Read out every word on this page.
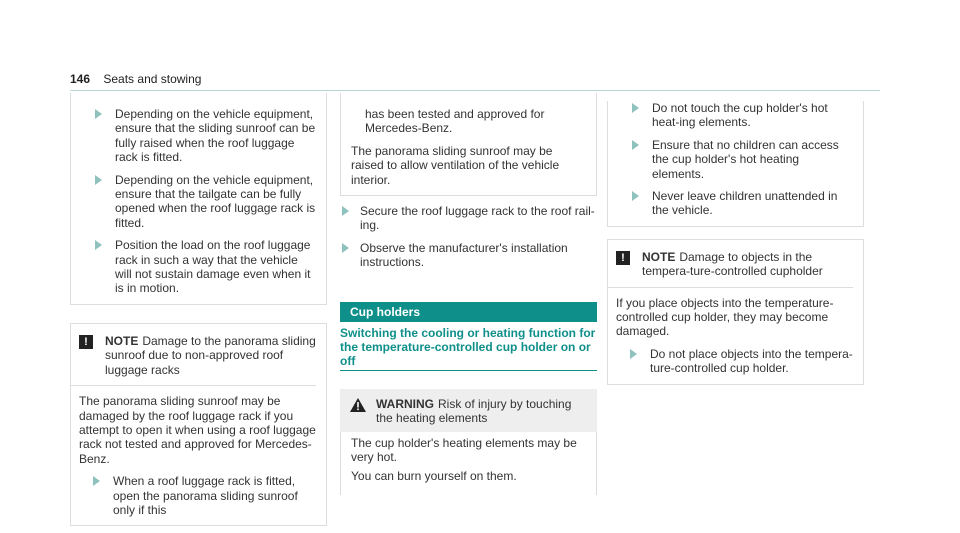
146 Seats and stowing
Depending on the vehicle equipment, ensure that the sliding sunroof can be fully raised when the roof luggage rack is fitted.
Depending on the vehicle equipment, ensure that the tailgate can be fully opened when the roof luggage rack is fitted.
Position the load on the roof luggage rack in such a way that the vehicle will not sustain damage even when it is in motion.
!	NOTE Damage to the panorama sliding sunroof due to non-approved roof luggage racks

The panorama sliding sunroof may be damaged by the roof luggage rack if you attempt to open it when using a roof luggage rack not tested and approved for Mercedes-Benz.

When a roof luggage rack is fitted, open the panorama sliding sunroof only if this

has been tested and approved for Mercedes-Benz.

The panorama sliding sunroof may be raised to allow ventilation of the vehicle interior.

Secure the roof luggage rack to the roof rail-ing.
Observe the manufacturer's installation instructions.
Cup holders
Switching the cooling or heating function for the temperature-controlled cup holder on or off
WARNING Risk of injury by touching the heating elements

The cup holder's heating elements may be very hot.

You can burn yourself on them.

Do not touch the cup holder's hot heat-ing elements.
Ensure that no children can access the cup holder's hot heating elements.
Never leave children unattended in the vehicle.
!	NOTE Damage to objects in the tempera-ture-controlled cupholder

If you place objects into the temperature-controlled cup holder, they may become damaged.

Do not place objects into the tempera-ture-controlled cup holder.
